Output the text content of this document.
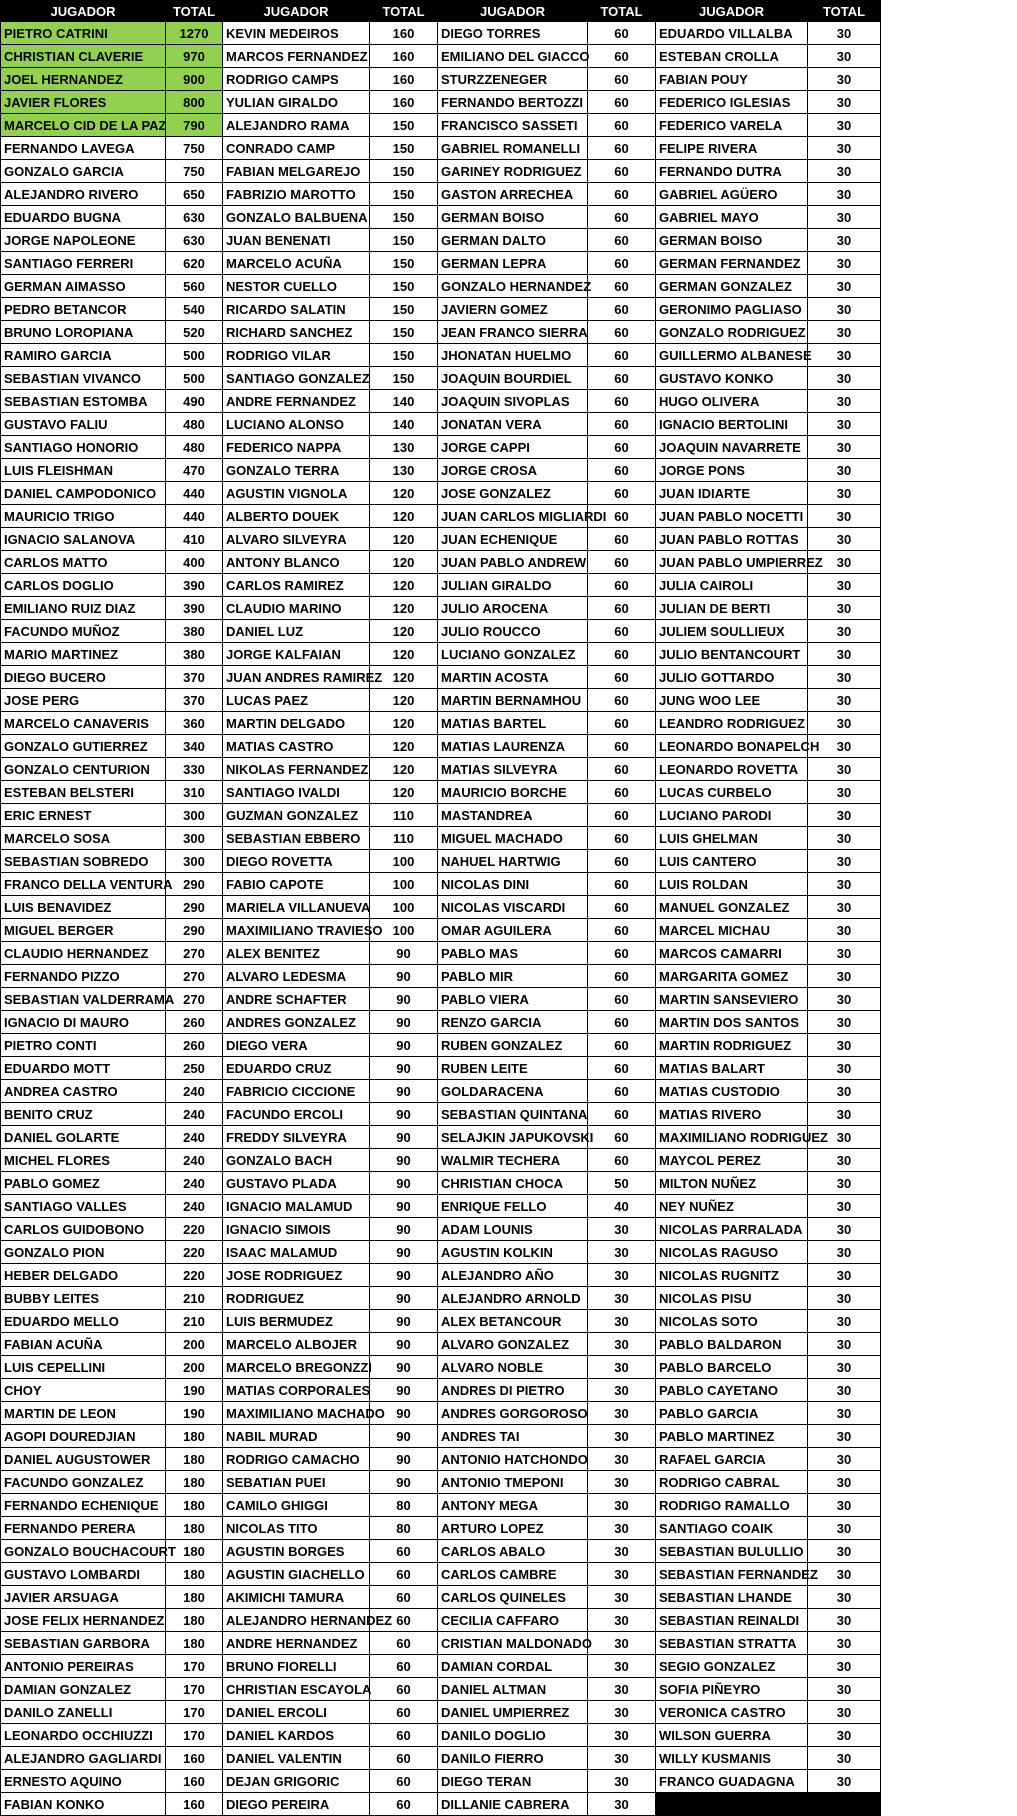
JUGADOR	TOTAL	JUGADOR	TOTAL	JUGADOR	TOTAL	JUGADOR	TOTAL
PIETRO CATRINI	1270	KEVIN MEDEIROS	160	DIEGO TORRES	60	EDUARDO VILLALBA	30
CHRISTIAN CLAVERIE	970	MARCOS FERNANDEZ	160	EMILIANO DEL GIACCO	60	ESTEBAN CROLLA	30
JOEL HERNANDEZ	900	RODRIGO CAMPS	160	STURZZENEGER	60	FABIAN POUY	30
JAVIER FLORES	800	YULIAN GIRALDO	160	FERNANDO BERTOZZI	60	FEDERICO IGLESIAS	30
MARCELO CID DE LA PAZ	790	ALEJANDRO RAMA	150	FRANCISCO SASSETI	60	FEDERICO VARELA	30
FERNANDO LAVEGA	750	CONRADO CAMP	150	GABRIEL ROMANELLI	60	FELIPE RIVERA	30
GONZALO GARCIA	750	FABIAN MELGAREJO	150	GARINEY RODRIGUEZ	60	FERNANDO DUTRA	30
ALEJANDRO RIVERO	650	FABRIZIO MAROTTO	150	GASTON ARRECHEA	60	GABRIEL AGÜERO	30
EDUARDO BUGNA	630	GONZALO BALBUENA	150	GERMAN BOISO	60	GABRIEL MAYO	30
JORGE NAPOLEONE	630	JUAN BENENATI	150	GERMAN DALTO	60	GERMAN BOISO	30
SANTIAGO FERRERI	620	MARCELO ACUÑA	150	GERMAN LEPRA	60	GERMAN FERNANDEZ	30
GERMAN AIMASSO	560	NESTOR CUELLO	150	GONZALO HERNANDEZ	60	GERMAN GONZALEZ	30
PEDRO BETANCOR	540	RICARDO SALATIN	150	JAVIERN GOMEZ	60	GERONIMO PAGLIASO	30
BRUNO LOROPIANA	520	RICHARD SANCHEZ	150	JEAN FRANCO SIERRA	60	GONZALO RODRIGUEZ	30
RAMIRO GARCIA	500	RODRIGO VILAR	150	JHONATAN HUELMO	60	GUILLERMO ALBANESE	30
SEBASTIAN VIVANCO	500	SANTIAGO GONZALEZ	150	JOAQUIN BOURDIEL	60	GUSTAVO KONKO	30
SEBASTIAN ESTOMBA	490	ANDRE FERNANDEZ	140	JOAQUIN SIVOPLAS	60	HUGO OLIVERA	30
GUSTAVO FALIU	480	LUCIANO ALONSO	140	JONATAN VERA	60	IGNACIO BERTOLINI	30
SANTIAGO HONORIO	480	FEDERICO NAPPA	130	JORGE CAPPI	60	JOAQUIN NAVARRETE	30
LUIS FLEISHMAN	470	GONZALO TERRA	130	JORGE CROSA	60	JORGE PONS	30
DANIEL CAMPODONICO	440	AGUSTIN VIGNOLA	120	JOSE GONZALEZ	60	JUAN IDIARTE	30
MAURICIO TRIGO	440	ALBERTO DOUEK	120	JUAN CARLOS MIGLIARDI	60	JUAN PABLO NOCETTI	30
IGNACIO SALANOVA	410	ALVARO SILVEYRA	120	JUAN ECHENIQUE	60	JUAN PABLO ROTTAS	30
CARLOS MATTO	400	ANTONY BLANCO	120	JUAN PABLO ANDREW	60	JUAN PABLO UMPIERREZ	30
CARLOS DOGLIO	390	CARLOS RAMIREZ	120	JULIAN GIRALDO	60	JULIA CAIROLI	30
EMILIANO RUIZ DIAZ	390	CLAUDIO MARINO	120	JULIO AROCENA	60	JULIAN DE BERTI	30
FACUNDO MUÑOZ	380	DANIEL LUZ	120	JULIO ROUCCO	60	JULIEM SOULLIEUX	30
MARIO MARTINEZ	380	JORGE KALFAIAN	120	LUCIANO GONZALEZ	60	JULIO BENTANCOURT	30
DIEGO BUCERO	370	JUAN ANDRES RAMIREZ	120	MARTIN ACOSTA	60	JULIO GOTTARDO	30
JOSE PERG	370	LUCAS PAEZ	120	MARTIN BERNAMHOU	60	JUNG WOO LEE	30
MARCELO CANAVERIS	360	MARTIN DELGADO	120	MATIAS BARTEL	60	LEANDRO RODRIGUEZ	30
GONZALO GUTIERREZ	340	MATIAS CASTRO	120	MATIAS LAURENZA	60	LEONARDO BONAPELCH	30
GONZALO CENTURION	330	NIKOLAS FERNANDEZ	120	MATIAS SILVEYRA	60	LEONARDO ROVETTA	30
ESTEBAN BELSTERI	310	SANTIAGO IVALDI	120	MAURICIO BORCHE	60	LUCAS CURBELO	30
ERIC ERNEST	300	GUZMAN GONZALEZ	110	MASTANDREA	60	LUCIANO PARODI	30
MARCELO SOSA	300	SEBASTIAN EBBERO	110	MIGUEL MACHADO	60	LUIS GHELMAN	30
SEBASTIAN SOBREDO	300	DIEGO ROVETTA	100	NAHUEL HARTWIG	60	LUIS CANTERO	30
FRANCO DELLA VENTURA	290	FABIO CAPOTE	100	NICOLAS DINI	60	LUIS ROLDAN	30
LUIS BENAVIDEZ	290	MARIELA VILLANUEVA	100	NICOLAS VISCARDI	60	MANUEL GONZALEZ	30
MIGUEL BERGER	290	MAXIMILIANO TRAVIESO	100	OMAR AGUILERA	60	MARCEL MICHAU	30
CLAUDIO HERNANDEZ	270	ALEX BENITEZ	90	PABLO MAS	60	MARCOS CAMARRI	30
FERNANDO PIZZO	270	ALVARO LEDESMA	90	PABLO MIR	60	MARGARITA GOMEZ	30
SEBASTIAN VALDERRAMA	270	ANDRE SCHAFTER	90	PABLO VIERA	60	MARTIN SANSEVIERO	30
IGNACIO DI MAURO	260	ANDRES GONZALEZ	90	RENZO GARCIA	60	MARTIN DOS SANTOS	30
PIETRO CONTI	260	DIEGO VERA	90	RUBEN GONZALEZ	60	MARTIN RODRIGUEZ	30
EDUARDO MOTT	250	EDUARDO CRUZ	90	RUBEN LEITE	60	MATIAS BALART	30
ANDREA CASTRO	240	FABRICIO CICCIONE	90	GOLDARACENA	60	MATIAS CUSTODIO	30
BENITO CRUZ	240	FACUNDO ERCOLI	90	SEBASTIAN QUINTANA	60	MATIAS RIVERO	30
DANIEL GOLARTE	240	FREDDY SILVEYRA	90	SELAJKIN JAPUKOVSKI	60	MAXIMILIANO RODRIGUEZ	30
MICHEL FLORES	240	GONZALO BACH	90	WALMIR TECHERA	60	MAYCOL PEREZ	30
PABLO GOMEZ	240	GUSTAVO PLADA	90	CHRISTIAN CHOCA	50	MILTON NUÑEZ	30
SANTIAGO VALLES	240	IGNACIO MALAMUD	90	ENRIQUE FELLO	40	NEY NUÑEZ	30
CARLOS GUIDOBONO	220	IGNACIO SIMOIS	90	ADAM LOUNIS	30	NICOLAS PARRALADA	30
GONZALO PION	220	ISAAC MALAMUD	90	AGUSTIN KOLKIN	30	NICOLAS RAGUSO	30
HEBER DELGADO	220	JOSE RODRIGUEZ	90	ALEJANDRO AÑO	30	NICOLAS RUGNITZ	30
BUBBY LEITES	210	RODRIGUEZ	90	ALEJANDRO ARNOLD	30	NICOLAS PISU	30
EDUARDO MELLO	210	LUIS BERMUDEZ	90	ALEX BETANCOUR	30	NICOLAS SOTO	30
FABIAN ACUÑA	200	MARCELO ALBOJER	90	ALVARO GONZALEZ	30	PABLO BALDARON	30
LUIS CEPELLINI	200	MARCELO BREGONZZI	90	ALVARO NOBLE	30	PABLO BARCELO	30
CHOY	190	MATIAS CORPORALES	90	ANDRES DI PIETRO	30	PABLO CAYETANO	30
MARTIN DE LEON	190	MAXIMILIANO MACHADO	90	ANDRES GORGOROSO	30	PABLO GARCIA	30
AGOPI DOUREDJIAN	180	NABIL MURAD	90	ANDRES TAI	30	PABLO MARTINEZ	30
DANIEL AUGUSTOWER	180	RODRIGO CAMACHO	90	ANTONIO HATCHONDO	30	RAFAEL GARCIA	30
FACUNDO GONZALEZ	180	SEBATIAN PUEI	90	ANTONIO TMEPONI	30	RODRIGO CABRAL	30
FERNANDO ECHENIQUE	180	CAMILO GHIGGI	80	ANTONY MEGA	30	RODRIGO RAMALLO	30
FERNANDO PERERA	180	NICOLAS TITO	80	ARTURO LOPEZ	30	SANTIAGO COAIK	30
GONZALO BOUCHACOURT	180	AGUSTIN BORGES	60	CARLOS ABALO	30	SEBASTIAN BULULLIO	30
GUSTAVO LOMBARDI	180	AGUSTIN GIACHELLO	60	CARLOS CAMBRE	30	SEBASTIAN FERNANDEZ	30
JAVIER ARSUAGA	180	AKIMICHI TAMURA	60	CARLOS QUINELES	30	SEBASTIAN LHANDE	30
JOSE FELIX HERNANDEZ	180	ALEJANDRO HERNANDEZ	60	CECILIA CAFFARO	30	SEBASTIAN REINALDI	30
SEBASTIAN GARBORA	180	ANDRE HERNANDEZ	60	CRISTIAN MALDONADO	30	SEBASTIAN STRATTA	30
ANTONIO PEREIRAS	170	BRUNO FIORELLI	60	DAMIAN CORDAL	30	SEGIO GONZALEZ	30
DAMIAN GONZALEZ	170	CHRISTIAN ESCAYOLA	60	DANIEL ALTMAN	30	SOFIA PIÑEYRO	30
DANILO ZANELLI	170	DANIEL ERCOLI	60	DANIEL UMPIERREZ	30	VERONICA CASTRO	30
LEONARDO OCCHIUZZI	170	DANIEL KARDOS	60	DANILO DOGLIO	30	WILSON GUERRA	30
ALEJANDRO GAGLIARDI	160	DANIEL VALENTIN	60	DANILO FIERRO	30	WILLY KUSMANIS	30
ERNESTO AQUINO	160	DEJAN GRIGORIC	60	DIEGO TERAN	30	FRANCO GUADAGNA	30
FABIAN KONKO	160	DIEGO PEREIRA	60	DILLANIE CABRERA	30		
